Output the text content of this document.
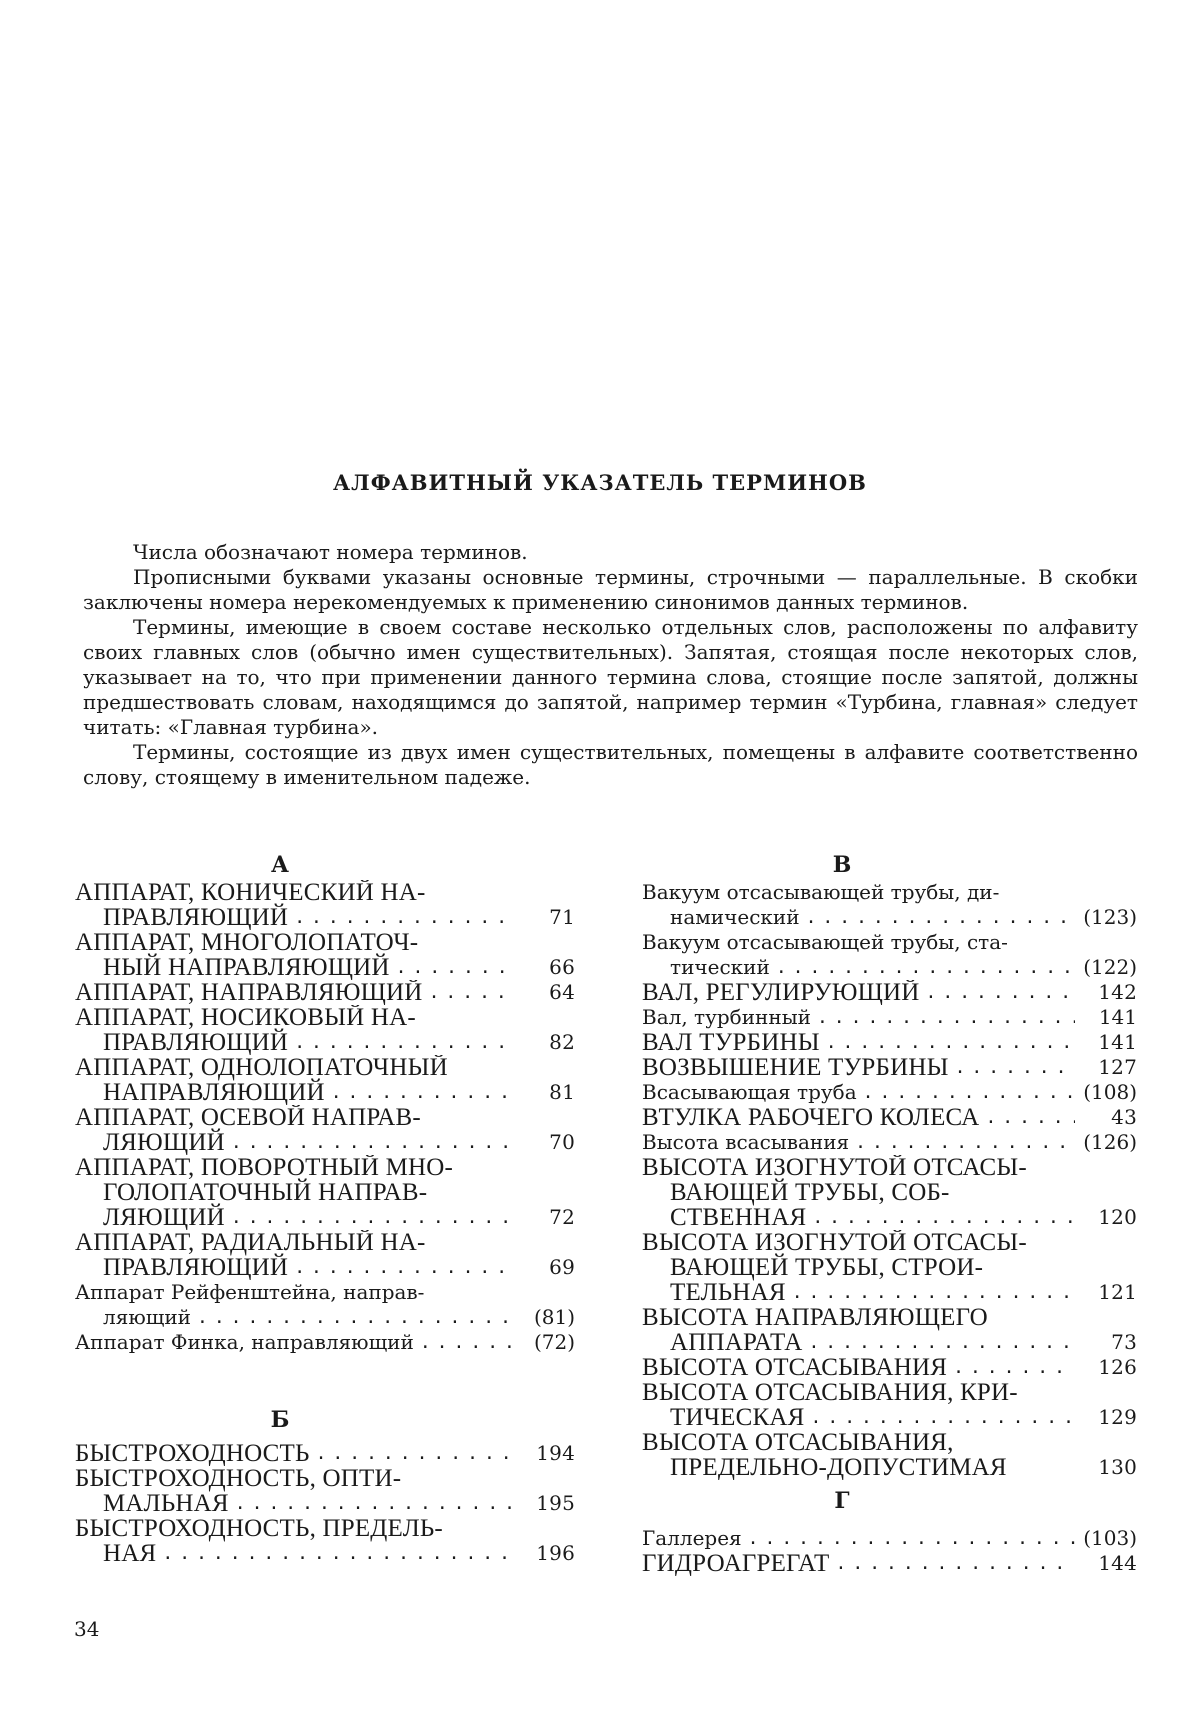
АЛФАВИТНЫЙ УКАЗАТЕЛЬ ТЕРМИНОВ

Числа обозначают номера терминов.

Прописными буквами указаны основные термины, строчными — параллельные. В скобки заключены номера нерекомендуемых к применению синонимов данных терминов.

Термины, имеющие в своем составе несколько отдельных слов, расположены по алфавиту своих главных слов (обычно имен существительных). Запятая, стоящая после некоторых слов, указывает на то, что при применении данного термина слова, стоящие после запятой, должны предшествовать словам, находящимся до запятой, например термин «Турбина, главная» следует читать: «Главная турбина».

Термины, состоящие из двух имен существительных, помещены в алфавите соответственно слову, стоящему в именительном падеже.

А
АППАРАТ, КОНИЧЕСКИЙ НА-
ПРАВЛЯЮЩИЙ .............	71
АППАРАТ, МНОГОЛОПАТОЧ-
НЫЙ НАПРАВЛЯЮЩИЙ .......	66
АППАРАТ, НАПРАВЛЯЮЩИЙ .....	64
АППАРАТ, НОСИКОВЫЙ НА-
ПРАВЛЯЮЩИЙ .............	82
АППАРАТ, ОДНОЛОПАТОЧНЫЙ
НАПРАВЛЯЮЩИЙ ...........	81
АППАРАТ, ОСЕВОЙ НАПРАВ-
ЛЯЮЩИЙ .................. 70
АППАРАТ, ПОВОРОТНЫЙ МНО-
ГОЛОПАТОЧНЫЙ НАПРАВ-
ЛЯЮЩИЙ .................. 72
АППАРАТ, РАДИАЛЬНЫЙ НА-
ПРАВЛЯЮЩИЙ .............	69
Аппарат Рейфенштейна, направ-
ляющий ..................	(81)
Аппарат Финка, направляющий .....	(72)
Б
БЫСТРОХОДНОСТЬ ...........	194
БЫСТРОХОДНОСТЬ, ОПТИ-
МАЛЬНАЯ ..................
195
БЫСТРОХОДНОСТЬ, ПРЕДЕЛЬ-
НАЯ ....................	196
В
Вакуум отсасывающей трубы, ди-
намический ................ (123)
Вакуум отсасывающей трубы, ста-
тический .................. (122)
ВАЛ, РЕГУЛИРУЮЩИЙ .........	142
Вал, турбинный ...............	141
ВАЛ ТУРБИНЫ ............... 141
ВОЗВЫШЕНИЕ ТУРБИНЫ .......	127
Всасывающая труба ............. (108)
ВТУЛКА РАБОЧЕГО КОЛЕСА .....	43
Высота всасывания ............. (126)
ВЫСОТА ИЗОГНУТОЙ ОТСАСЫ-
ВАЮЩЕЙ ТРУБЫ, СОБ-
СТВЕННАЯ ...............	120
ВЫСОТА ИЗОГНУТОЙ ОТСАСЫ-
ВАЮЩЕЙ ТРУБЫ, СТРОИ-
ТЕЛЬНАЯ .................. 121
ВЫСОТА НАПРАВЛЯЮЩЕГО
АППАРАТА ...............	73
ВЫСОТА ОТСАСЫВАНИЯ .......	126
ВЫСОТА ОТСАСЫВАНИЯ, КРИ-
ТИЧЕСКАЯ ...............	129
ВЫСОТА ОТСАСЫВАНИЯ,
ПРЕДЕЛЬНО-ДОПУСТИМАЯ	130
Г
Галлерея ................... (103)
ГИДРОАГРЕГАТ ..............	144
34
